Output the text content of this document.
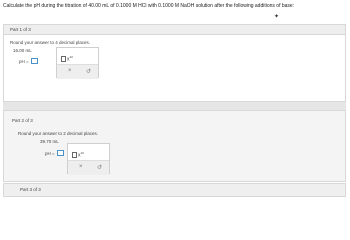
Calculate the pH during the titration of 40.00 mL of 0.1000 M HCl with 0.1000 M NaOH solution after the following additions of base:
✦
Part 1 of 3
Round your answer to 4 decimal places.
16.00 mL
pH =	$x^{10}$
× ↺
Part 2 of 3
Round your answer to 2 decimal places.
39.70 mL
pH =	$x^{10}$
× ↺
Part 3 of 3
